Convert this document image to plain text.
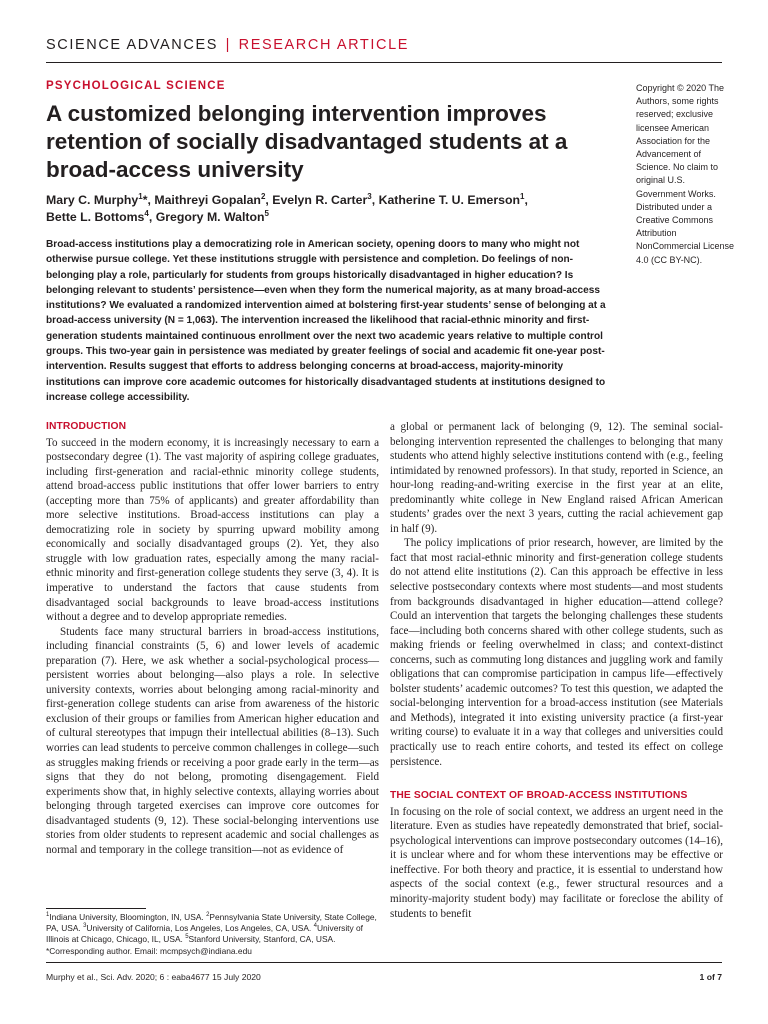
SCIENCE ADVANCES | RESEARCH ARTICLE
PSYCHOLOGICAL SCIENCE
A customized belonging intervention improves retention of socially disadvantaged students at a broad-access university
Mary C. Murphy$^1$*, Maithreyi Gopalan$^2$, Evelyn R. Carter$^3$, Katherine T. U. Emerson$^1$,
Bette L. Bottoms$^4$, Gregory M. Walton$^5$

Broad-access institutions play a democratizing role in American society, opening doors to many who might not otherwise pursue college. Yet these institutions struggle with persistence and completion. Do feelings of non-belonging play a role, particularly for students from groups historically disadvantaged in higher education? Is belonging relevant to students’ persistence—even when they form the numerical majority, as at many broad-access institutions? We evaluated a randomized intervention aimed at bolstering first-year students’ sense of belonging at a broad-access university (N = 1,063). The intervention increased the likelihood that racial-ethnic minority and first-generation students maintained continuous enrollment over the next two academic years relative to multiple control groups. This two-year gain in persistence was mediated by greater feelings of social and academic fit one-year post-intervention. Results suggest that efforts to address belonging concerns at broad-access, majority-minority institutions can improve core academic outcomes for historically disadvantaged students at institutions designed to increase college accessibility.

Copyright © 2020 The Authors, some rights reserved; exclusive licensee American Association for the Advancement of Science. No claim to original U.S. Government Works. Distributed under a Creative Commons Attribution NonCommercial License 4.0 (CC BY-NC).

INTRODUCTION

To succeed in the modern economy, it is increasingly necessary to earn a postsecondary degree (1). The vast majority of aspiring college graduates, including first-generation and racial-ethnic minority college students, attend broad-access public institutions that offer lower barriers to entry (accepting more than 75% of applicants) and greater affordability than more selective institutions. Broad-access institutions can play a democratizing role in society by spurring upward mobility among economically and socially disadvantaged groups (2). Yet, they also struggle with low graduation rates, especially among the many racial-ethnic minority and first-generation college students they serve (3, 4). It is imperative to understand the factors that cause students from disadvantaged social backgrounds to leave broad-access institutions without a degree and to develop appropriate remedies.

Students face many structural barriers in broad-access institutions, including financial constraints (5, 6) and lower levels of academic preparation (7). Here, we ask whether a social-psychological process—persistent worries about belonging—also plays a role. In selective university contexts, worries about belonging among racial-minority and first-generation college students can arise from awareness of the historic exclusion of their groups or families from American higher education and of cultural stereotypes that impugn their intellectual abilities (8–13). Such worries can lead students to perceive common challenges in college—such as struggles making friends or receiving a poor grade early in the term—as signs that they do not belong, promoting disengagement. Field experiments show that, in highly selective contexts, allaying worries about belonging through targeted exercises can improve core outcomes for disadvantaged students (9, 12). These social-belonging interventions use stories from older students to represent academic and social challenges as normal and temporary in the college transition—not as evidence of

a global or permanent lack of belonging (9, 12). The seminal social-belonging intervention represented the challenges to belonging that many students who attend highly selective institutions contend with (e.g., feeling intimidated by renowned professors). In that study, reported in Science, an hour-long reading-and-writing exercise in the first year at an elite, predominantly white college in New England raised African American students’ grades over the next 3 years, cutting the racial achievement gap in half (9).

The policy implications of prior research, however, are limited by the fact that most racial-ethnic minority and first-generation college students do not attend elite institutions (2). Can this approach be effective in less selective postsecondary contexts where most students—and most students from backgrounds disadvantaged in higher education—attend college? Could an intervention that targets the belonging challenges these students face—including both concerns shared with other college students, such as making friends or feeling overwhelmed in class; and context-distinct concerns, such as commuting long distances and juggling work and family obligations that can compromise participation in campus life—effectively bolster students’ academic outcomes? To test this question, we adapted the social-belonging intervention for a broad-access institution (see Materials and Methods), integrated it into existing university practice (a first-year writing course) to evaluate it in a way that colleges and universities could practically use to reach entire cohorts, and tested its effect on college persistence.

THE SOCIAL CONTEXT OF BROAD-ACCESS INSTITUTIONS

In focusing on the role of social context, we address an urgent need in the literature. Even as studies have repeatedly demonstrated that brief, social-psychological interventions can improve postsecondary outcomes (14–16), it is unclear where and for whom these interventions may be effective or ineffective. For both theory and practice, it is essential to understand how aspects of the social context (e.g., fewer structural resources and a minority-majority student body) may facilitate or foreclose the ability of students to benefit

$^1$Indiana University, Bloomington, IN, USA. $^2$Pennsylvania State University, State College, PA, USA. $^3$University of California, Los Angeles, Los Angeles, CA, USA. $^4$University of Illinois at Chicago, Chicago, IL, USA. $^5$Stanford University, Stanford, CA, USA.

*Corresponding author. Email: mcmpsych@indiana.edu

Murphy et al., Sci. Adv. 2020; 6 : eaba4677 15 July 2020	1 of 7
